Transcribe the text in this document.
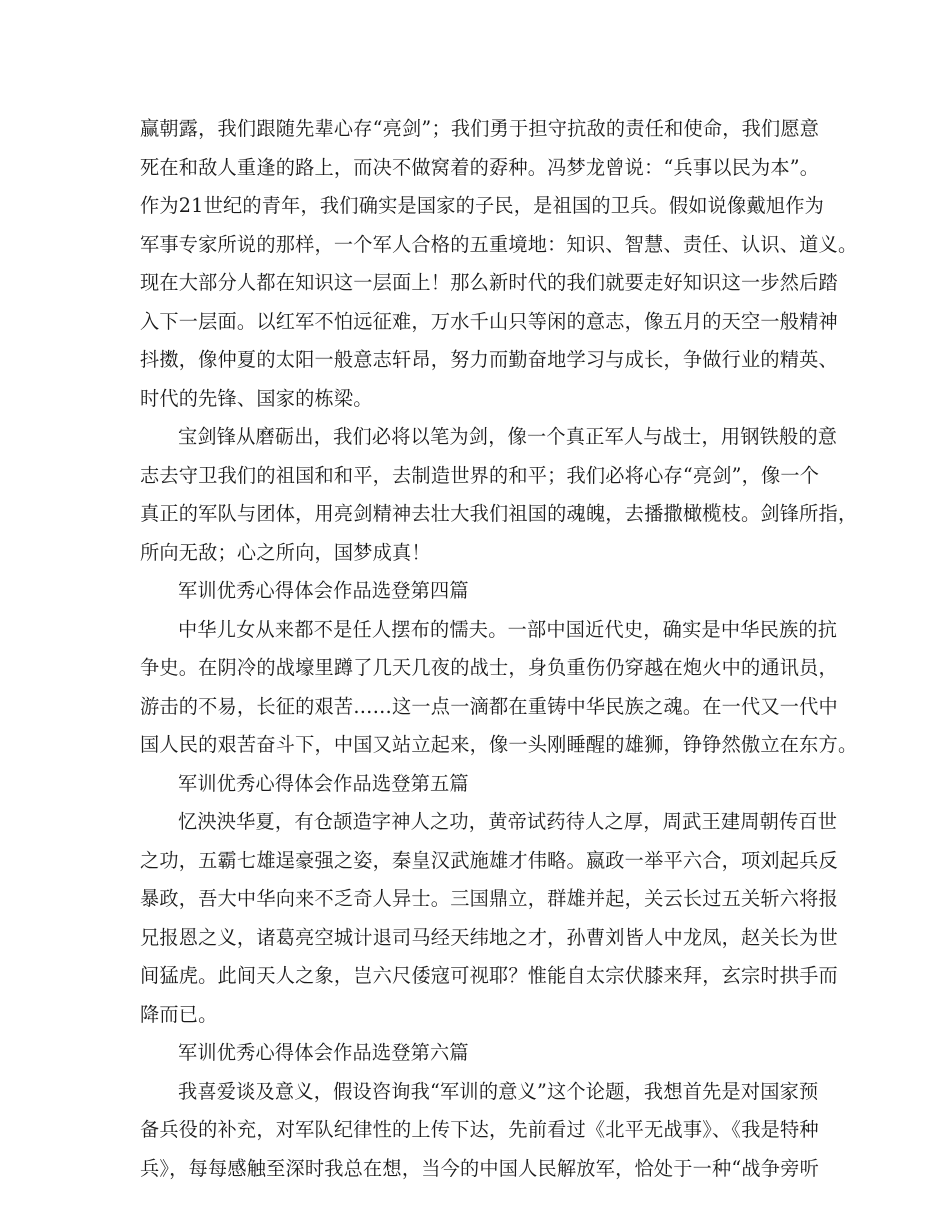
赢朝露，我们跟随先辈心存“亮剑”；我们勇于担守抗敌的责任和使命，我们愿意
死在和敌人重逢的路上，而决不做窝着的孬种。冯梦龙曾说：“兵事以民为本”。
作为21世纪的青年，我们确实是国家的子民，是祖国的卫兵。假如说像戴旭作为
军事专家所说的那样，一个军人合格的五重境地：知识、智慧、责任、认识、道义。
现在大部分人都在知识这一层面上！那么新时代的我们就要走好知识这一步然后踏
入下一层面。以红军不怕远征难，万水千山只等闲的意志，像五月的天空一般精神
抖擞，像仲夏的太阳一般意志轩昂，努力而勤奋地学习与成长，争做行业的精英、
时代的先锋、国家的栋梁。
宝剑锋从磨砺出，我们必将以笔为剑，像一个真正军人与战士，用钢铁般的意
志去守卫我们的祖国和和平，去制造世界的和平；我们必将心存“亮剑”，像一个
真正的军队与团体，用亮剑精神去壮大我们祖国的魂魄，去播撒橄榄枝。剑锋所指，
所向无敌；心之所向，国梦成真！
军训优秀心得体会作品选登第四篇
中华儿女从来都不是任人摆布的懦夫。一部中国近代史，确实是中华民族的抗
争史。在阴冷的战壕里蹲了几天几夜的战士，身负重伤仍穿越在炮火中的通讯员，
游击的不易，长征的艰苦……这一点一滴都在重铸中华民族之魂。在一代又一代中
国人民的艰苦奋斗下，中国又站立起来，像一头刚睡醒的雄狮，铮铮然傲立在东方。
军训优秀心得体会作品选登第五篇
忆泱泱华夏，有仓颉造字神人之功，黄帝试药待人之厚，周武王建周朝传百世
之功，五霸七雄逞豪强之姿，秦皇汉武施雄才伟略。嬴政一举平六合，项刘起兵反
暴政，吾大中华向来不乏奇人异士。三国鼎立，群雄并起，关云长过五关斩六将报
兄报恩之义，诸葛亮空城计退司马经天纬地之才，孙曹刘皆人中龙凤，赵关长为世
间猛虎。此间天人之象，岂六尺倭寇可视耶？惟能自太宗伏膝来拜，玄宗时拱手而
降而已。
军训优秀心得体会作品选登第六篇
我喜爱谈及意义，假设咨询我“军训的意义”这个论题，我想首先是对国家预
备兵役的补充，对军队纪律性的上传下达，先前看过《北平无战事》、《我是特种
兵》，每每感触至深时我总在想，当今的中国人民解放军，恰处于一种“战争旁听
